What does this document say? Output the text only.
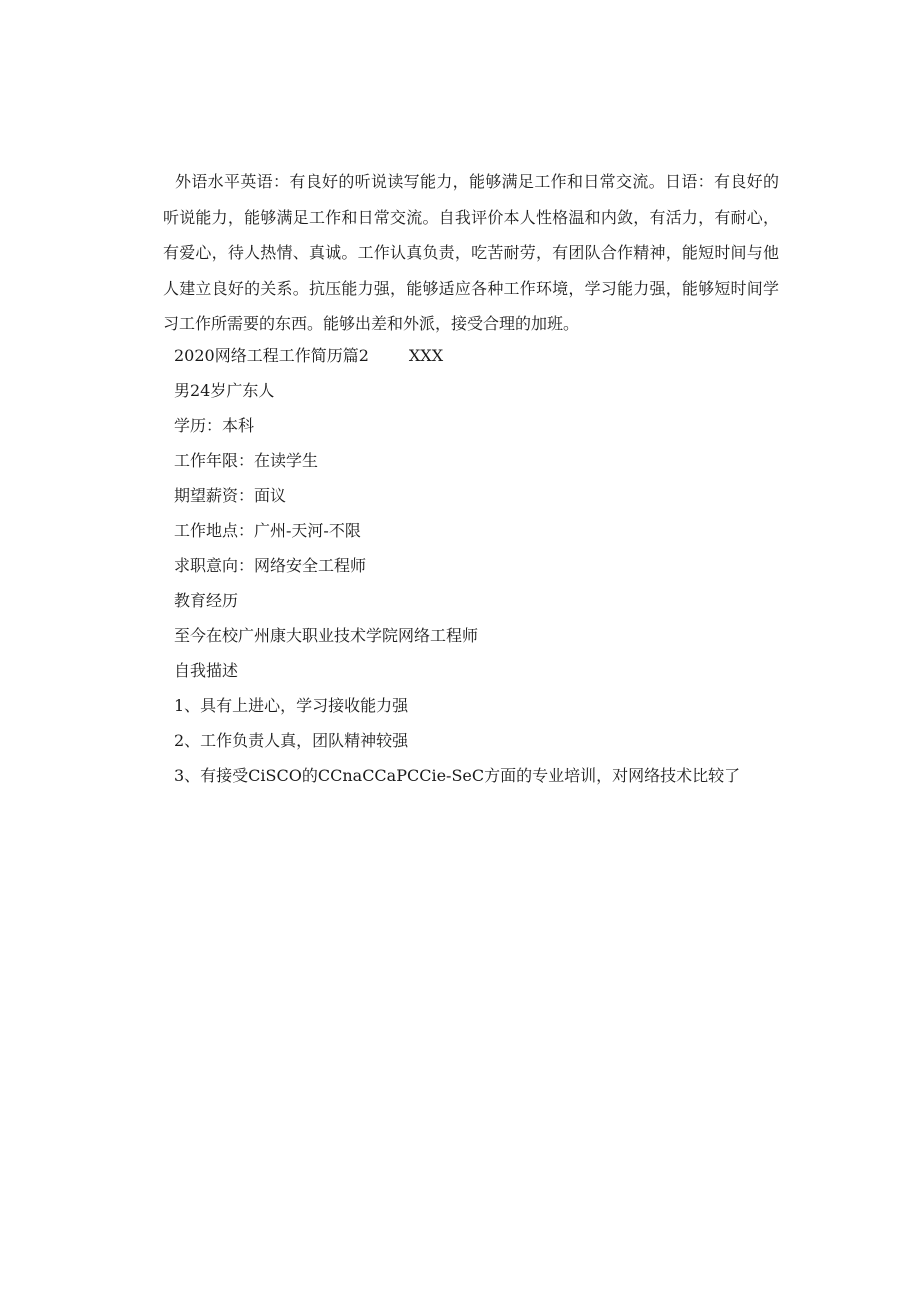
外语水平英语：有良好的听说读写能力，能够满足工作和日常交流。日语：有良好的听说能力，能够满足工作和日常交流。自我评价本人性格温和内敛，有活力，有耐心，有爱心，待人热情、真诚。工作认真负责，吃苦耐劳，有团队合作精神，能短时间与他人建立良好的关系。抗压能力强，能够适应各种工作环境，学习能力强，能够短时间学习工作所需要的东西。能够出差和外派，接受合理的加班。

2020网络工程工作简历篇2	XXX
男24岁广东人
学历：本科
工作年限：在读学生
期望薪资：面议
工作地点：广州-天河-不限
求职意向：网络安全工程师
教育经历
至今在校广州康大职业技术学院网络工程师
自我描述
1、具有上进心，学习接收能力强
2、工作负责人真，团队精神较强
3、有接受CiSCO的CCnaCCaPCCie-SeC方面的专业培训，对网络技术比较了
